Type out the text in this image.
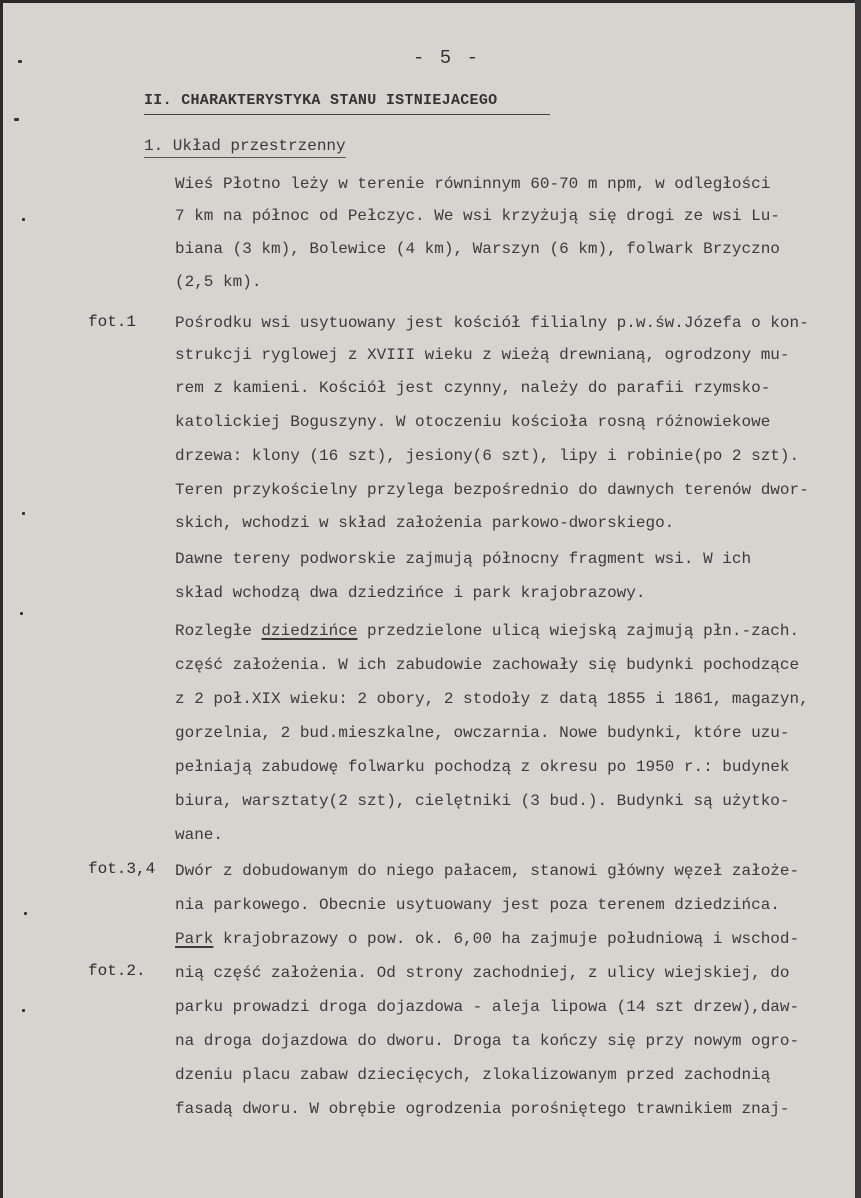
- 5 -
II. CHARAKTERYSTYKA STANU ISTNIEJACEGO
1. Układ przestrzenny
fot.1
fot.3,4
fot.2.
Wieś Płotno leży w terenie równinnym 60-70 m npm, w odległości
7 km na północ od Pełczyc. We wsi krzyżują się drogi ze wsi Lu-
biana (3 km), Bolewice (4 km), Warszyn (6 km), folwark Brzyczno
(2,5 km).
Pośrodku wsi usytuowany jest kościół filialny p.w.św.Józefa o kon-
strukcji ryglowej z XVIII wieku z wieżą drewnianą, ogrodzony mu-
rem z kamieni. Kościół jest czynny, należy do parafii rzymsko-
katolickiej Boguszyny. W otoczeniu kościoła rosną różnowiekowe
drzewa: klony (16 szt), jesiony(6 szt), lipy i robinie(po 2 szt).
Teren przykościelny przylega bezpośrednio do dawnych terenów dwor-
skich, wchodzi w skład założenia parkowo-dworskiego.
Dawne tereny podworskie zajmują północny fragment wsi. W ich
skład wchodzą dwa dziedzińce i park krajobrazowy.
Rozległe dziedzińce przedzielone ulicą wiejską zajmują płn.-zach.
część założenia. W ich zabudowie zachowały się budynki pochodzące
z 2 poł.XIX wieku: 2 obory, 2 stodoły z datą 1855 i 1861, magazyn,
gorzelnia, 2 bud.mieszkalne, owczarnia. Nowe budynki, które uzu-
pełniają zabudowę folwarku pochodzą z okresu po 1950 r.: budynek
biura, warsztaty(2 szt), cielętniki (3 bud.). Budynki są użytko-
wane.
Dwór z dobudowanym do niego pałacem, stanowi główny węzeł założe-
nia parkowego. Obecnie usytuowany jest poza terenem dziedzińca.
Park krajobrazowy o pow. ok. 6,00 ha zajmuje południową i wschod-
nią część założenia. Od strony zachodniej, z ulicy wiejskiej, do
parku prowadzi droga dojazdowa - aleja lipowa (14 szt drzew),daw-
na droga dojazdowa do dworu. Droga ta kończy się przy nowym ogro-
dzeniu placu zabaw dziecięcych, zlokalizowanym przed zachodnią
fasadą dworu. W obrębie ogrodzenia porośniętego trawnikiem znaj-
